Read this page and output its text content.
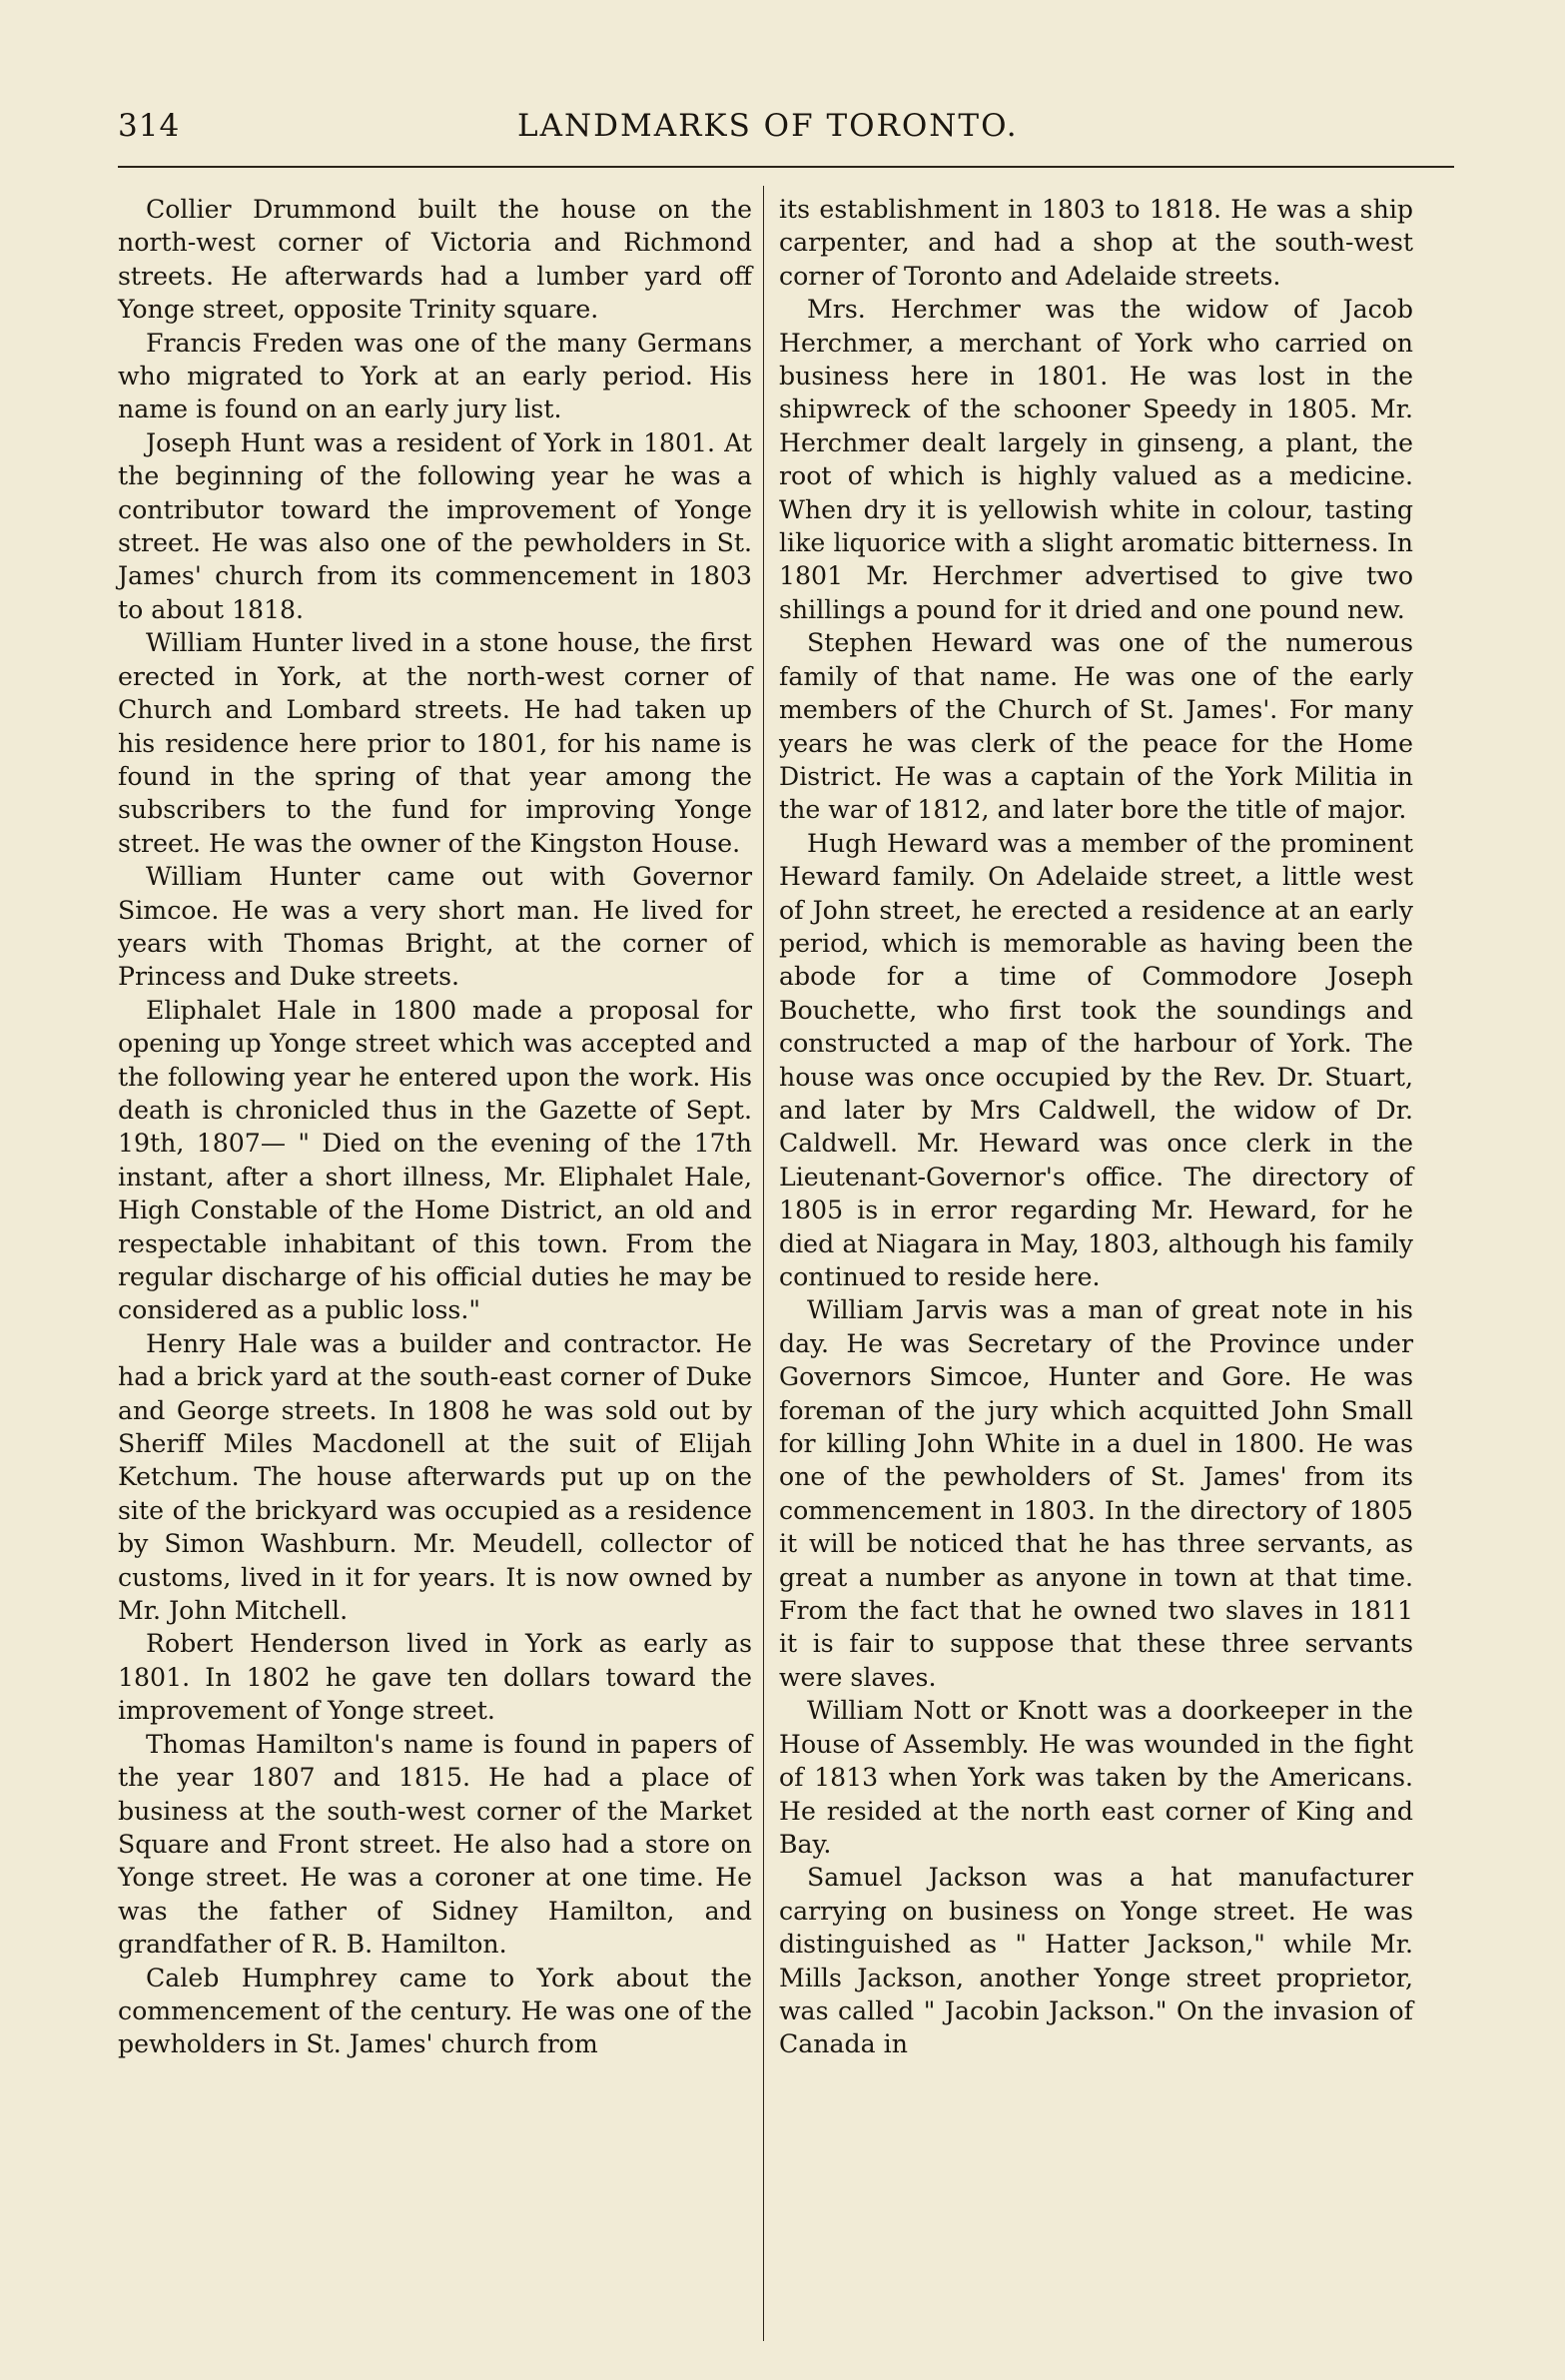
314	LANDMARKS OF TORONTO.

Collier Drummond built the house on the north-west corner of Victoria and Richmond streets. He afterwards had a lumber yard off Yonge street, opposite Trinity square.

Francis Freden was one of the many Germans who migrated to York at an early period. His name is found on an early jury list.

Joseph Hunt was a resident of York in 1801. At the beginning of the following year he was a contributor toward the improvement of Yonge street. He was also one of the pewholders in St. James' church from its commencement in 1803 to about 1818.

William Hunter lived in a stone house, the first erected in York, at the north-west corner of Church and Lombard streets. He had taken up his residence here prior to 1801, for his name is found in the spring of that year among the subscribers to the fund for improving Yonge street. He was the owner of the Kingston House.

William Hunter came out with Governor Simcoe. He was a very short man. He lived for years with Thomas Bright, at the corner of Princess and Duke streets.

Eliphalet Hale in 1800 made a proposal for opening up Yonge street which was accepted and the following year he entered upon the work. His death is chronicled thus in the Gazette of Sept. 19th, 1807— " Died on the evening of the 17th instant, after a short illness, Mr. Eliphalet Hale, High Constable of the Home District, an old and respectable inhabitant of this town. From the regular discharge of his official duties he may be considered as a public loss."

Henry Hale was a builder and contractor. He had a brick yard at the south-east corner of Duke and George streets. In 1808 he was sold out by Sheriff Miles Macdonell at the suit of Elijah Ketchum. The house afterwards put up on the site of the brickyard was occupied as a residence by Simon Washburn. Mr. Meudell, collector of customs, lived in it for years. It is now owned by Mr. John Mitchell.

Robert Henderson lived in York as early as 1801. In 1802 he gave ten dollars toward the improvement of Yonge street.

Thomas Hamilton's name is found in papers of the year 1807 and 1815. He had a place of business at the south-west corner of the Market Square and Front street. He also had a store on Yonge street. He was a coroner at one time. He was the father of Sidney Hamilton, and grandfather of R. B. Hamilton.

Caleb Humphrey came to York about the commencement of the century. He was one of the pewholders in St. James' church from

its establishment in 1803 to 1818. He was a ship carpenter, and had a shop at the south-west corner of Toronto and Adelaide streets.

Mrs. Herchmer was the widow of Jacob Herchmer, a merchant of York who carried on business here in 1801. He was lost in the shipwreck of the schooner Speedy in 1805. Mr. Herchmer dealt largely in ginseng, a plant, the root of which is highly valued as a medicine. When dry it is yellowish white in colour, tasting like liquorice with a slight aromatic bitterness. In 1801 Mr. Herchmer advertised to give two shillings a pound for it dried and one pound new.

Stephen Heward was one of the numerous family of that name. He was one of the early members of the Church of St. James'. For many years he was clerk of the peace for the Home District. He was a captain of the York Militia in the war of 1812, and later bore the title of major.

Hugh Heward was a member of the prominent Heward family. On Adelaide street, a little west of John street, he erected a residence at an early period, which is memorable as having been the abode for a time of Commodore Joseph Bouchette, who first took the soundings and constructed a map of the harbour of York. The house was once occupied by the Rev. Dr. Stuart, and later by Mrs Caldwell, the widow of Dr. Caldwell. Mr. Heward was once clerk in the Lieutenant-Governor's office. The directory of 1805 is in error regarding Mr. Heward, for he died at Niagara in May, 1803, although his family continued to reside here.

William Jarvis was a man of great note in his day. He was Secretary of the Province under Governors Simcoe, Hunter and Gore. He was foreman of the jury which acquitted John Small for killing John White in a duel in 1800. He was one of the pewholders of St. James' from its commencement in 1803. In the directory of 1805 it will be noticed that he has three servants, as great a number as anyone in town at that time. From the fact that he owned two slaves in 1811 it is fair to suppose that these three servants were slaves.

William Nott or Knott was a doorkeeper in the House of Assembly. He was wounded in the fight of 1813 when York was taken by the Americans. He resided at the north east corner of King and Bay.

Samuel Jackson was a hat manufacturer carrying on business on Yonge street. He was distinguished as " Hatter Jackson," while Mr. Mills Jackson, another Yonge street proprietor, was called " Jacobin Jackson." On the invasion of Canada in
